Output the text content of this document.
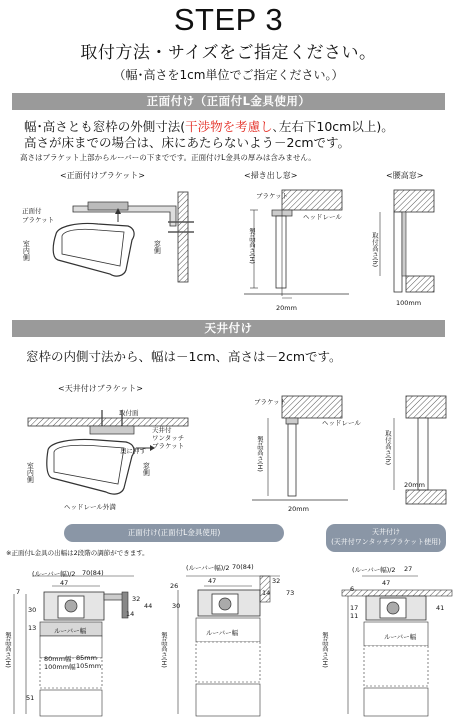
STEP 3
取付方法・サイズをご指定ください。
（幅･高さを1cm単位でご指定ください。）
正面付け（正面付L金具使用）
幅･高さとも窓枠の外側寸法(干渉物を考慮し､左右下10cm以上)。
高さが床までの場合は、床にあたらないよう－2cmです。
高さはブラケット上部からルーバーの下までです。正面付けL金具の厚みは含みません。
<正面付けブラケット>	<掃き出し窓>	<腰高窓>
正面付
ブラケット
室内側	窓側
ブラケット
ヘッドレール
製品高さ(H)
20mm
取付高さ(h)
100mm
天井付け
窓枠の内側寸法から、幅は－1cm、高さは－2cmです。
<天井付けブラケット>
取付面
天井付
ワンタッチ
ブラケット
奥に押す
室内側	窓側
ヘッドレール外満
ブラケット
ヘッドレール
製品高さ(H)
20mm
取付高さ(h)
20mm
正面付け(正面付L金具使用)	天井付け
(天井付ワンタッチブラケット使用)
※正面付L金具の出幅は2段階の調節ができます。
(ルーバー幅)/2 70(84)
47
7
32
44
14
30
13	ルーバー幅
80mm幅 85mm
100mm幅 105mm
製品高さ(H)
51
(ルーバー幅)/2 70(84)
47
26
32
73
14
30
ルーバー幅
製品高さ(H)
(ルーバー幅)/2 27
47
6
41
17
11
ルーバー幅
製品高さ(H)
